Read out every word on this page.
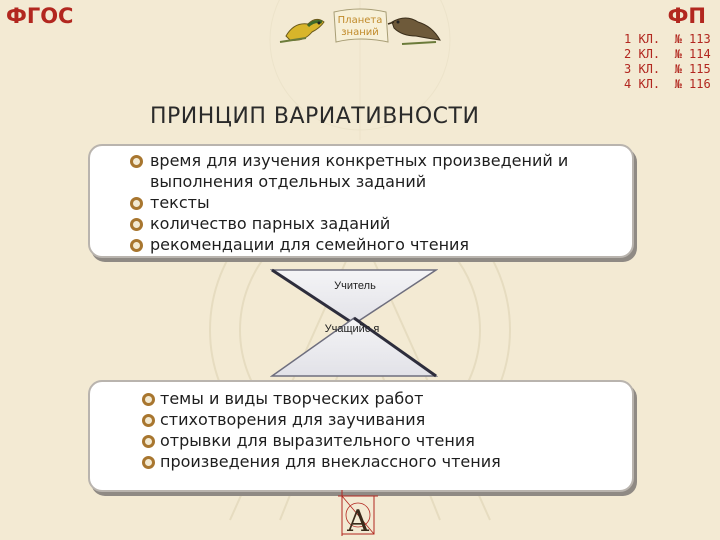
ФГОС	ФП
Планета
знаний	1 КЛ.  № 113
2 КЛ.  № 114
3 КЛ.  № 115
4 КЛ.  № 116
ПРИНЦИП ВАРИАТИВНОСТИ
время для изучения конкретных произведений и выполнения отдельных заданий
тексты
количество парных заданий
рекомендации для семейного чтения
Учитель
Учащийс я
темы и виды творческих работ
стихотворения для заучивания
отрывки для выразительного чтения
произведения для внеклассного чтения
А
